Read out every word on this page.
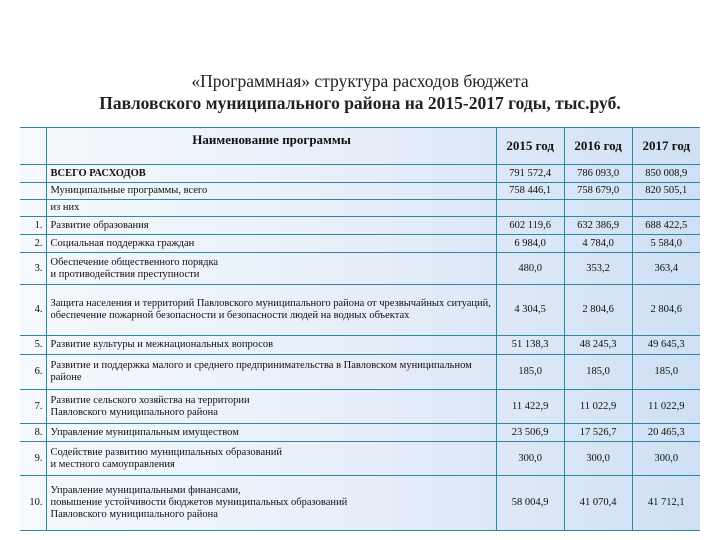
«Программная» структура расходов бюджета
Павловского муниципального района на 2015-2017 годы, тыс.руб.
	Наименование программы	2015 год	2016 год	2017 год
	ВСЕГО РАСХОДОВ	791 572,4	786 093,0	850 008,9
	Муниципальные программы, всего	758 446,1	758 679,0	820 505,1
	из них			
1.	Развитие образования	602 119,6	632 386,9	688 422,5
2.	Социальная поддержка граждан	6 984,0	4 784,0	5 584,0
3.	Обеспечение общественного порядка
и противодействия преступности	480,0	353,2	363,4
4.	Защита населения и территорий Павловского муниципального района от чрезвычайных ситуаций, обеспечение пожарной безопасности и безопасности людей на водных объектах	4 304,5	2 804,6	2 804,6
5.	Развитие культуры и межнациональных вопросов	51 138,3	48 245,3	49 645,3
6.	Развитие и поддержка малого и среднего предпринимательства в Павловском муниципальном районе	185,0	185,0	185,0
7.	Развитие сельского хозяйства на территории
Павловского муниципального района	11 422,9	11 022,9	11 022,9
8.	Управление муниципальным имуществом	23 506,9	17 526,7	20 465,3
9.	Содействие развитию муниципальных образований
и местного самоуправления	300,0	300,0	300,0
10.	Управление муниципальными финансами,
повышение устойчивости бюджетов муниципальных образований
Павловского муниципального района	58 004,9	41 070,4	41 712,1
